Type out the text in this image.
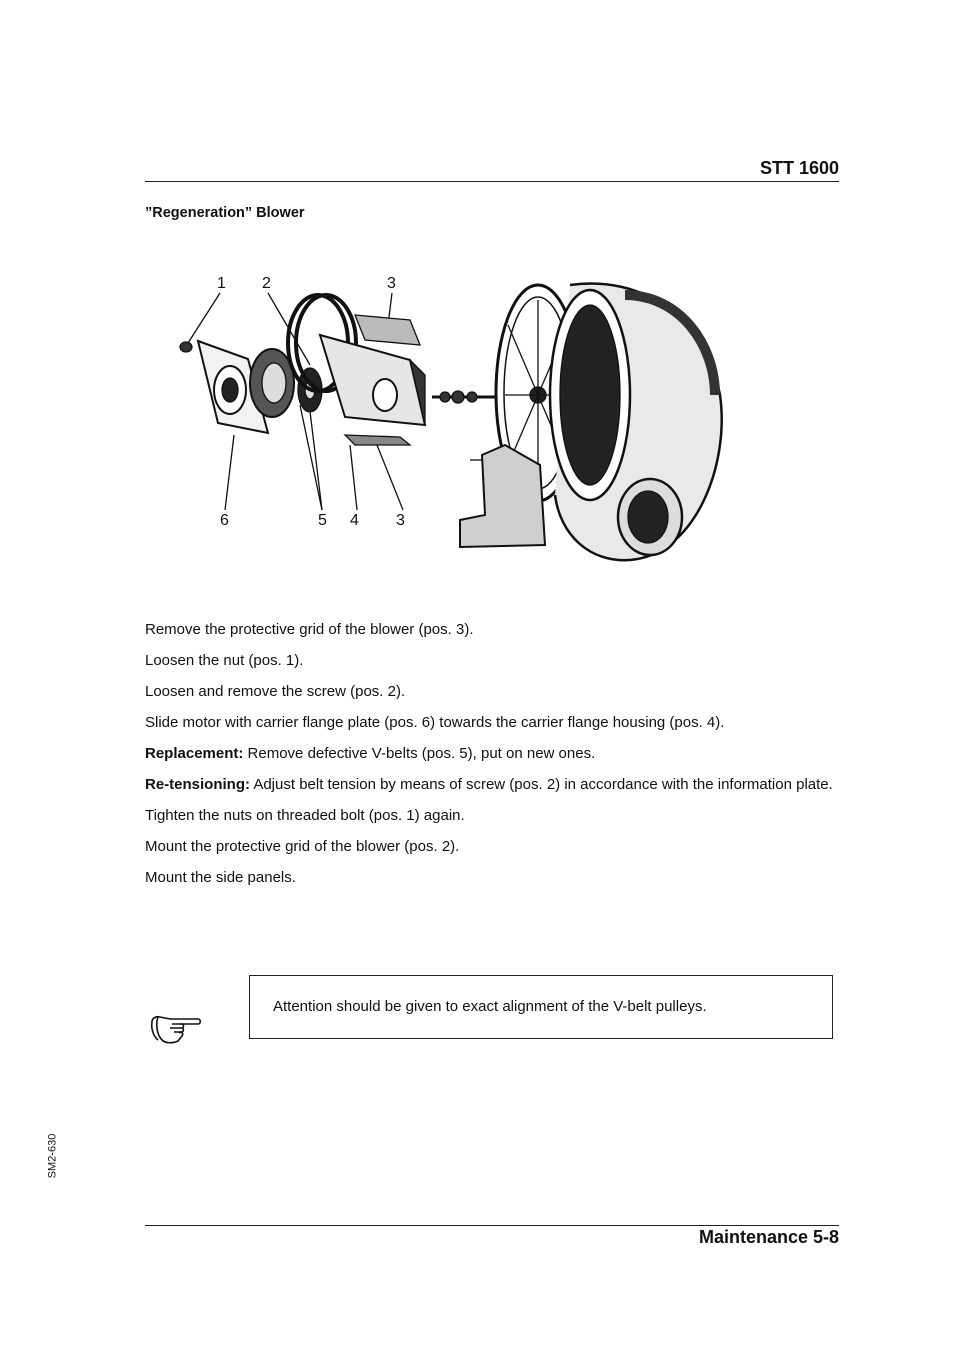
STT 1600
”Regeneration” Blower
1 2	3
6	5 4 3

Remove the protective grid of the blower (pos. 3).

Loosen the nut (pos. 1).

Loosen and remove the screw (pos. 2).

Slide motor with carrier flange plate (pos. 6) towards the carrier flange housing (pos. 4).

Replacement: Remove defective V-belts (pos. 5), put on new ones.

Re-tensioning: Adjust belt tension by means of screw (pos. 2) in accordance with the information plate.

Tighten the nuts on threaded bolt (pos. 1) again.

Mount the protective grid of the blower (pos. 2).

Mount the side panels.

Attention should be given to exact alignment of the V-belt pulleys.
SM2-630
Maintenance 5-8
